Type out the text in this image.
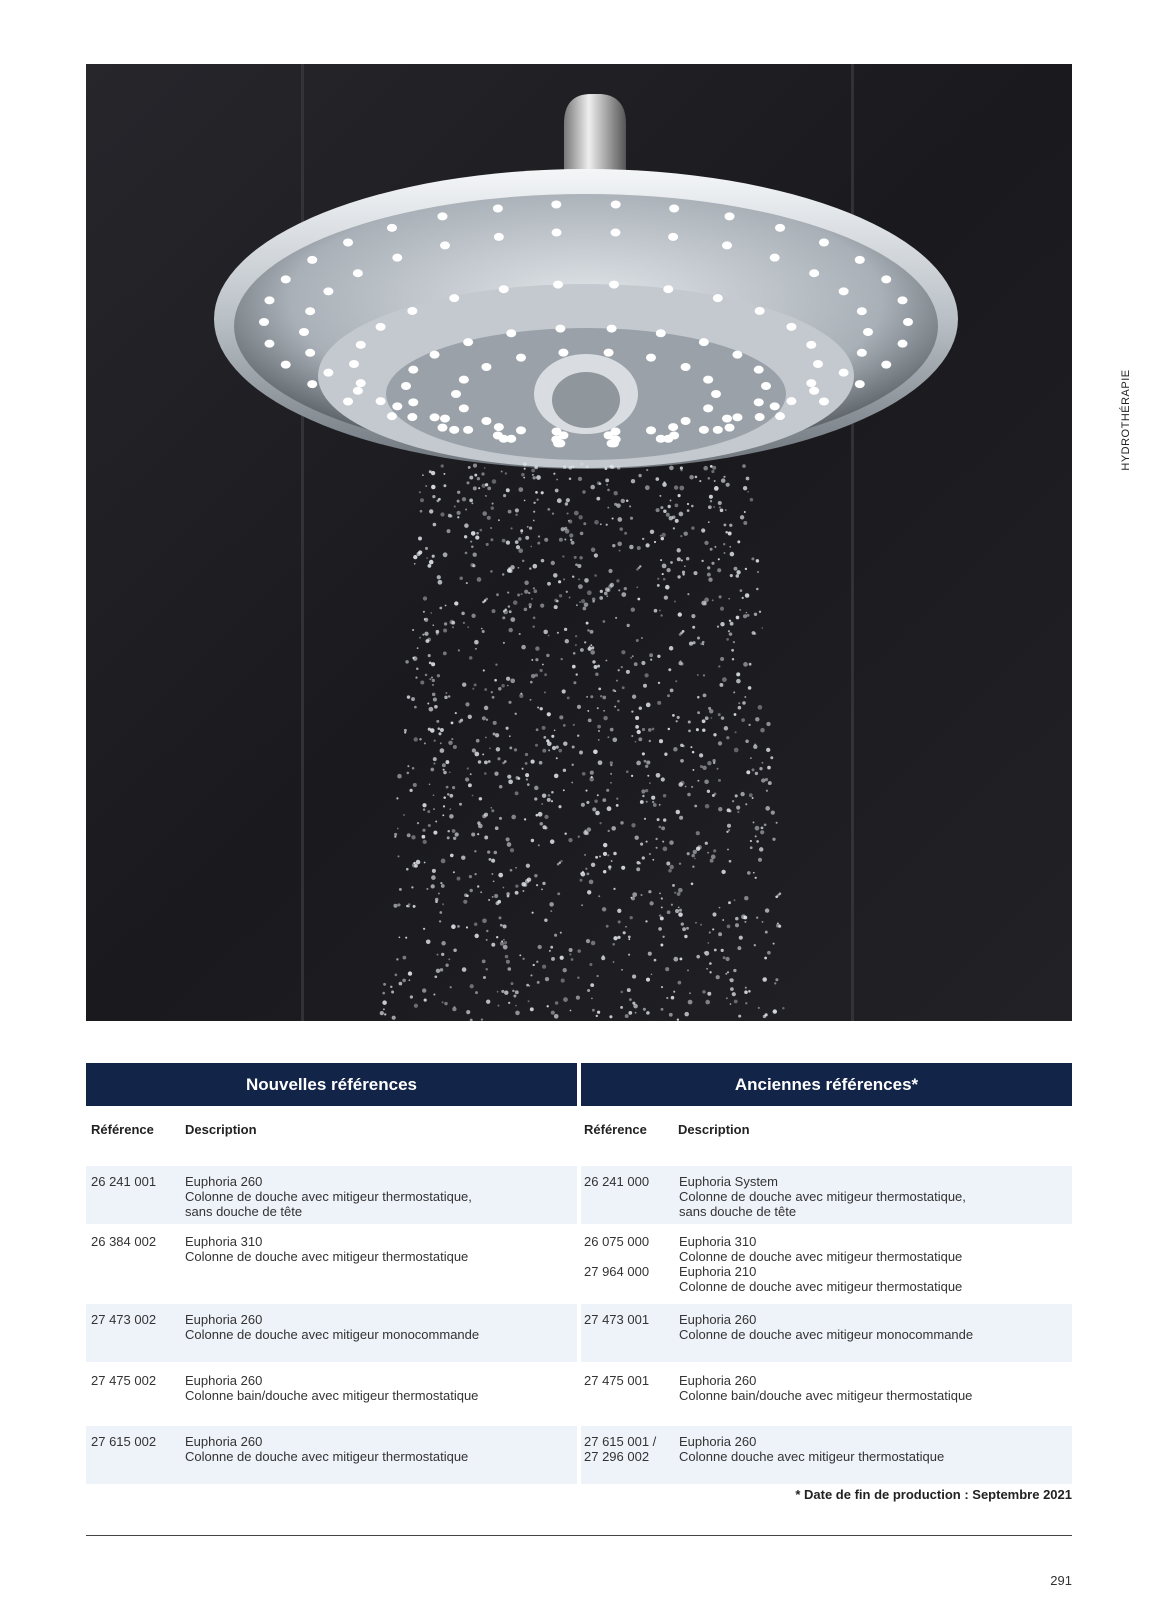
HYDROTHÉRAPIE
Nouvelles références	Anciennes références*
Référence Description	Référence Description
26 241 001 Euphoria 260
Colonne de douche avec mitigeur thermostatique,
sans douche de tête
26 241 000 Euphoria System
Colonne de douche avec mitigeur thermostatique,
sans douche de tête
26 384 002 Euphoria 310
Colonne de douche avec mitigeur thermostatique
26 075 000 Euphoria 310
Colonne de douche avec mitigeur thermostatique
27 964 000 Euphoria 210
Colonne de douche avec mitigeur thermostatique
27 473 002 Euphoria 260
Colonne de douche avec mitigeur monocommande
27 473 001 Euphoria 260
Colonne de douche avec mitigeur monocommande
27 475 002 Euphoria 260
Colonne bain/douche avec mitigeur thermostatique
27 475 001 Euphoria 260
Colonne bain/douche avec mitigeur thermostatique
27 615 002 Euphoria 260
Colonne de douche avec mitigeur thermostatique
27 615 001 /
27 296 002
Euphoria 260
Colonne douche avec mitigeur thermostatique
* Date de fin de production : Septembre 2021
291
